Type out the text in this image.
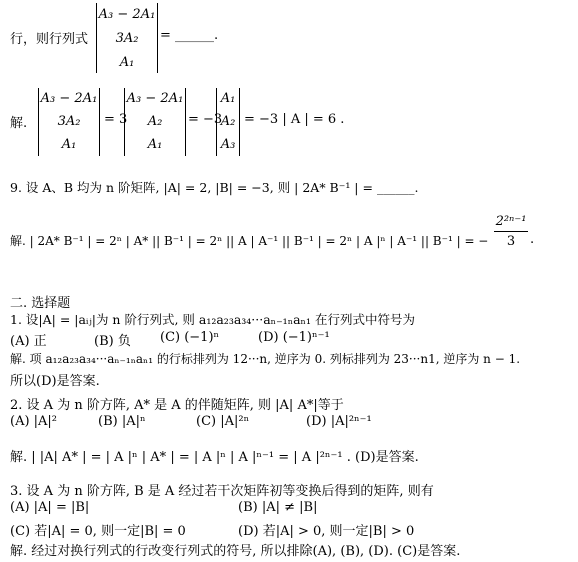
行，则行列式
A₃ − 2A₁
3A₂
A₁
= ______.
解.
A₃ − 2A₁
3A₂
A₁
= 3
A₃ − 2A₁
A₂
A₁
= −3
A₁
A₂
A₃
= −3 | A | = 6 .
9. 设 A、B 均为 n 阶矩阵, |A| = 2, |B| = −3, 则 | 2A* B⁻¹ | = ______.
解. | 2A* B⁻¹ | = 2ⁿ | A* || B⁻¹ | = 2ⁿ || A | A⁻¹ || B⁻¹ | = 2ⁿ | A |ⁿ | A⁻¹ || B⁻¹ | = −
2²ⁿ⁻¹
3	.
二. 选择题
1. 设|A| = |aᵢⱼ|为 n 阶行列式, 则 a₁₂a₂₃a₃₄···aₙ₋₁ₙaₙ₁ 在行列式中符号为
(A) 正	(B) 负 (C) (−1)ⁿ	(D) (−1)ⁿ⁻¹
解. 项 a₁₂a₂₃a₃₄···aₙ₋₁ₙaₙ₁ 的行标排列为 12···n, 逆序为 0. 列标排列为 23···n1, 逆序为 n − 1.
所以(D)是答案.
2. 设 A 为 n 阶方阵, A* 是 A 的伴随矩阵, 则 |A| A*|等于
(A) |A|²	(B) |A|ⁿ	(C) |A|²ⁿ	(D) |A|²ⁿ⁻¹
解. | |A| A* | = | A |ⁿ | A* | = | A |ⁿ | A |ⁿ⁻¹ = | A |²ⁿ⁻¹ . (D)是答案.
3. 设 A 为 n 阶方阵, B 是 A 经过若干次矩阵初等变换后得到的矩阵, 则有
(A) |A| = |B|	(B) |A| ≠ |B|
(C) 若|A| = 0, 则一定|B| = 0	(D) 若|A| > 0, 则一定|B| > 0
解. 经过对换行列式的行改变行列式的符号, 所以排除(A), (B), (D). (C)是答案.
